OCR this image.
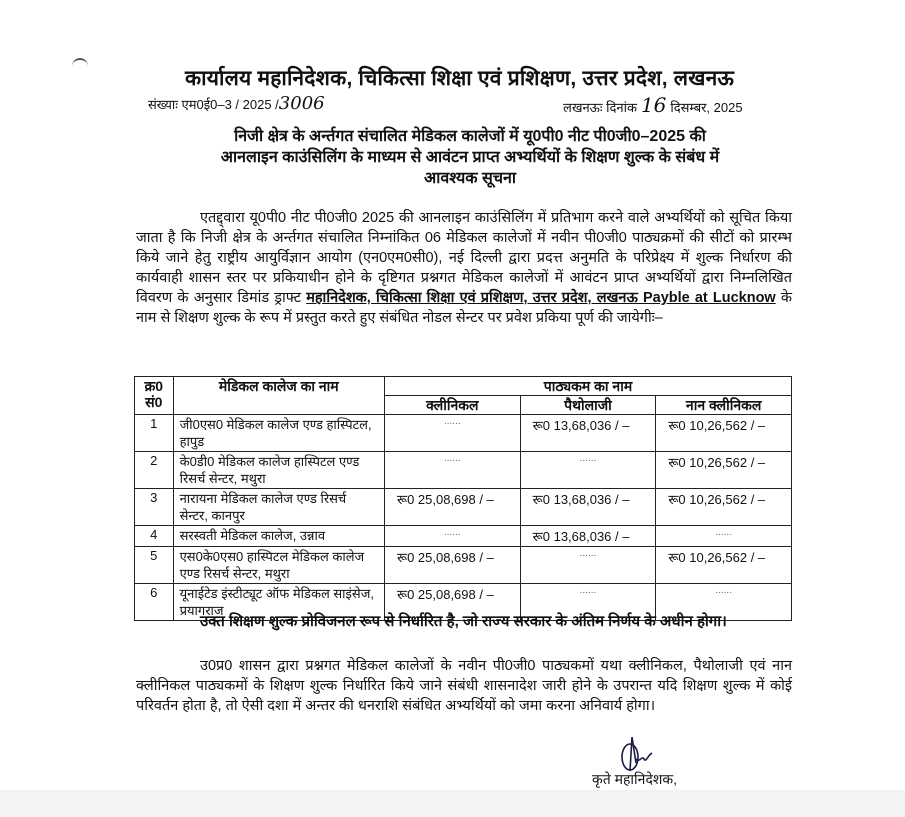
कार्यालय महानिदेशक, चिकित्सा शिक्षा एवं प्रशिक्षण, उत्तर प्रदेश, लखनऊ
संख्याः एम0ई0–3 / 2025 /3006	लखनऊः दिनांक 16 दिसम्बर, 2025
निजी क्षेत्र के अर्न्तगत संचालित मेडिकल कालेजों में यू0पी0 नीट पी0जी0–2025 की
आनलाइन काउंसिलिंग के माध्यम से आवंटन प्राप्त अभ्यर्थियों के शिक्षण शुल्क के संबंध में
आवश्यक सूचना
एतद्द्वारा यू0पी0 नीट पी0जी0 2025 की आनलाइन काउंसिलिंग में प्रतिभाग करने वाले अभ्यर्थियों को सूचित किया जाता है कि निजी क्षेत्र के अर्न्तगत संचालित निम्नांकित 06 मेडिकल कालेजों में नवीन पी0जी0 पाठ्यक्रमों की सीटों को प्रारम्भ किये जाने हेतु राष्ट्रीय आयुर्विज्ञान आयोग (एन0एम0सी0), नई दिल्ली द्वारा प्रदत्त अनुमति के परिप्रेक्ष्य में शुल्क निर्धारण की कार्यवाही शासन स्तर पर प्रकियाधीन होने के दृष्टिगत प्रश्नगत मेडिकल कालेजों में आवंटन प्राप्त अभ्यर्थियों द्वारा निम्नलिखित विवरण के अनुसार डिमांड ड्राफ्ट महानिदेशक, चिकित्सा शिक्षा एवं प्रशिक्षण, उत्तर प्रदेश, लखनऊ Payble at Lucknow के नाम से शिक्षण शुल्क के रूप में प्रस्तुत करते हुए संबंधित नोडल सेन्टर पर प्रवेश प्रकिया पूर्ण की जायेगीः–
क्र0 सं0	मेडिकल कालेज का नाम	पाठ्यकम का नाम		
		क्लीनिकल	पैथोलाजी	नान क्लीनिकल
1	जी0एस0 मेडिकल कालेज एण्ड हास्पिटल, हापुड	......	रू0 13,68,036 / –	रू0 10,26,562 / –
2	के0डी0 मेडिकल कालेज हास्पिटल एण्ड रिसर्च सेन्टर, मथुरा	......	......	रू0 10,26,562 / –
3	नारायना मेडिकल कालेज एण्ड रिसर्च सेन्टर, कानपुर	रू0 25,08,698 / –	रू0 13,68,036 / –	रू0 10,26,562 / –
4	सरस्वती मेडिकल कालेज, उन्नाव	......	रू0 13,68,036 / –	......
5	एस0के0एस0 हास्पिटल मेडिकल कालेज एण्ड रिसर्च सेन्टर, मथुरा	रू0 25,08,698 / –	......	रू0 10,26,562 / –
6	यूनाईटेड इंस्टीट्यूट ऑफ मेडिकल साइंसेज, प्रयागराज	रू0 25,08,698 / –	......	......
उक्त शिक्षण शुल्क प्रोविजनल रूप से निर्धारित है, जो राज्य सरकार के अंतिम निर्णय के अधीन होगा।
उ0प्र0 शासन द्वारा प्रश्नगत मेडिकल कालेजों के नवीन पी0जी0 पाठ्यकमों यथा क्लीनिकल, पैथोलाजी एवं नान क्लीनिकल पाठ्यकमों के शिक्षण शुल्क निर्धारित किये जाने संबंधी शासनादेश जारी होने के उपरान्त यदि शिक्षण शुल्क में कोई परिवर्तन होता है, तो ऐसी दशा में अन्तर की धनराशि संबंधित अभ्यर्थियों को जमा करना अनिवार्य होगा।
कृते महानिदेशक,
